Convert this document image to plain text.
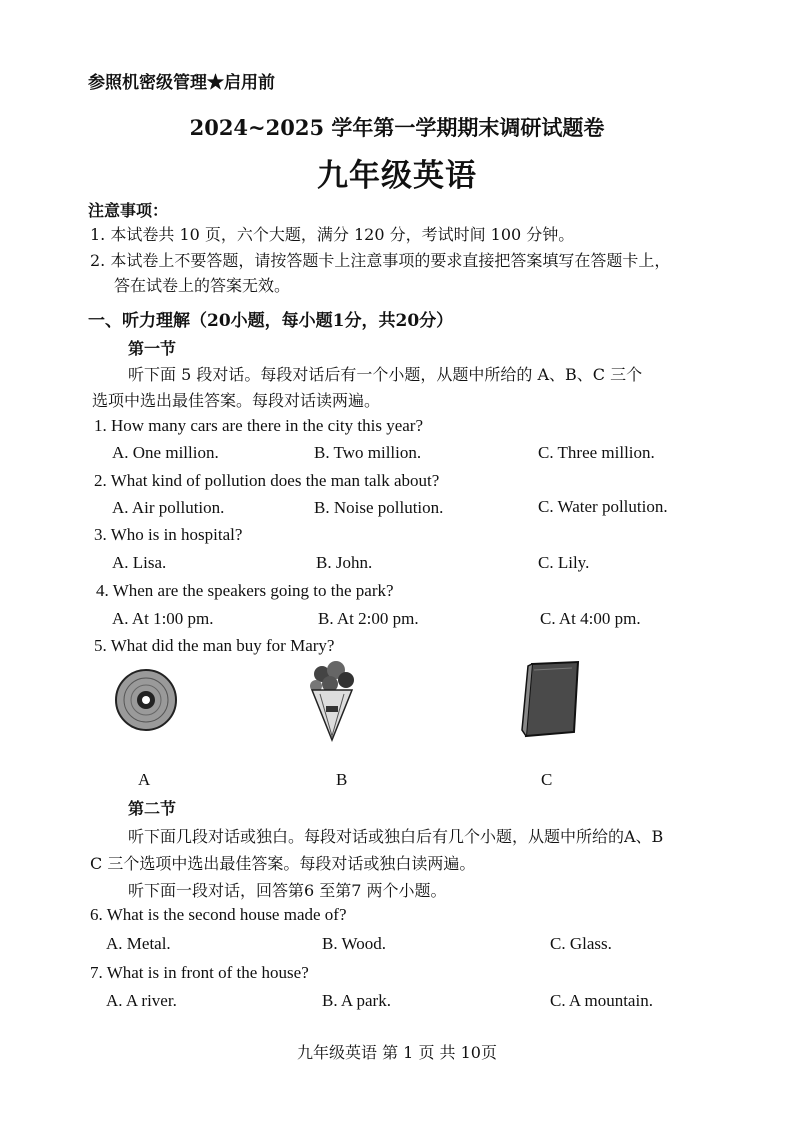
参照机密级管理★启用前
2024~2025 学年第一学期期末调研试题卷
九年级英语
注意事项：
1. 本试卷共 10 页，六个大题，满分 120 分，考试时间 100 分钟。
2. 本试卷上不要答题，请按答题卡上注意事项的要求直接把答案填写在答题卡上，
答在试卷上的答案无效。
一、听力理解（20小题，每小题1分，共20分）
第一节
听下面 5 段对话。每段对话后有一个小题，从题中所给的 A、B、C 三个
选项中选出最佳答案。每段对话读两遍。
1. How many cars are there in the city this year?
A. One million.	B. Two million.	C. Three million.
2. What kind of pollution does the man talk about?
A. Air pollution.	B. Noise pollution.	C. Water pollution.
3. Who is in hospital?
A. Lisa.	B. John.	C. Lily.
4. When are the speakers going to the park?
A. At 1:00 pm.	B. At 2:00 pm.	C. At 4:00 pm.
5. What did the man buy for Mary?
A	B	C
第二节
听下面几段对话或独白。每段对话或独白后有几个小题，从题中所给的A、B
C 三个选项中选出最佳答案。每段对话或独白读两遍。
听下面一段对话，回答第6 至第7 两个小题。
6. What is the second house made of?
A. Metal.	B. Wood.	C. Glass.
7. What is in front of the house?
A. A river.	B. A park.	C. A mountain.
九年级英语 第 1 页 共 10页
